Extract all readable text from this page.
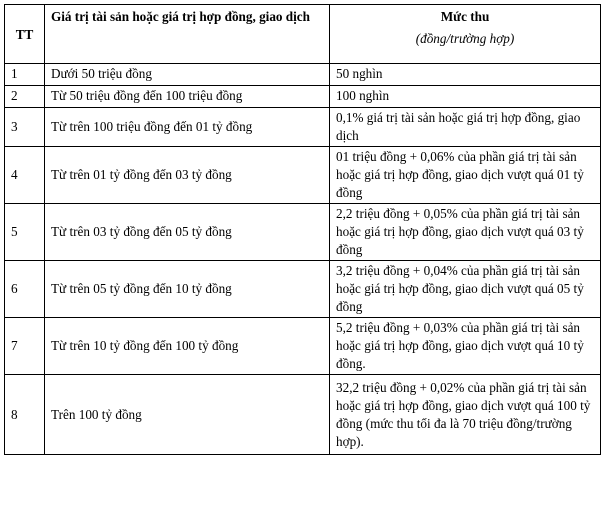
TT	Giá trị tài sản hoặc giá trị hợp đồng, giao dịch	Mức thu
(đồng/trường hợp)

1	Dưới 50 triệu đồng	50 nghìn
2	Từ 50 triệu đồng đến 100 triệu đồng	100 nghìn
3	Từ trên 100 triệu đồng đến 01 tỷ đồng	0,1% giá trị tài sản hoặc giá trị hợp đồng, giao dịch
4	Từ trên 01 tỷ đồng đến 03 tỷ đồng	01 triệu đồng + 0,06% của phần giá trị tài sản hoặc giá trị hợp đồng, giao dịch vượt quá 01 tỷ đồng
5	Từ trên 03 tỷ đồng đến 05 tỷ đồng	2,2 triệu đồng + 0,05% của phần giá trị tài sản hoặc giá trị hợp đồng, giao dịch vượt quá 03 tỷ đồng
6	Từ trên 05 tỷ đồng đến 10 tỷ đồng	3,2 triệu đồng + 0,04% của phần giá trị tài sản hoặc giá trị hợp đồng, giao dịch vượt quá 05 tỷ đồng
7	Từ trên 10 tỷ đồng đến 100 tỷ đồng	5,2 triệu đồng + 0,03% của phần giá trị tài sản hoặc giá trị hợp đồng, giao dịch vượt quá 10 tỷ đồng.
8	Trên 100 tỷ đồng	32,2 triệu đồng + 0,02% của phần giá trị tài sản hoặc giá trị hợp đồng, giao dịch vượt quá 100 tỷ đồng (mức thu tối đa là 70 triệu đồng/trường hợp).
